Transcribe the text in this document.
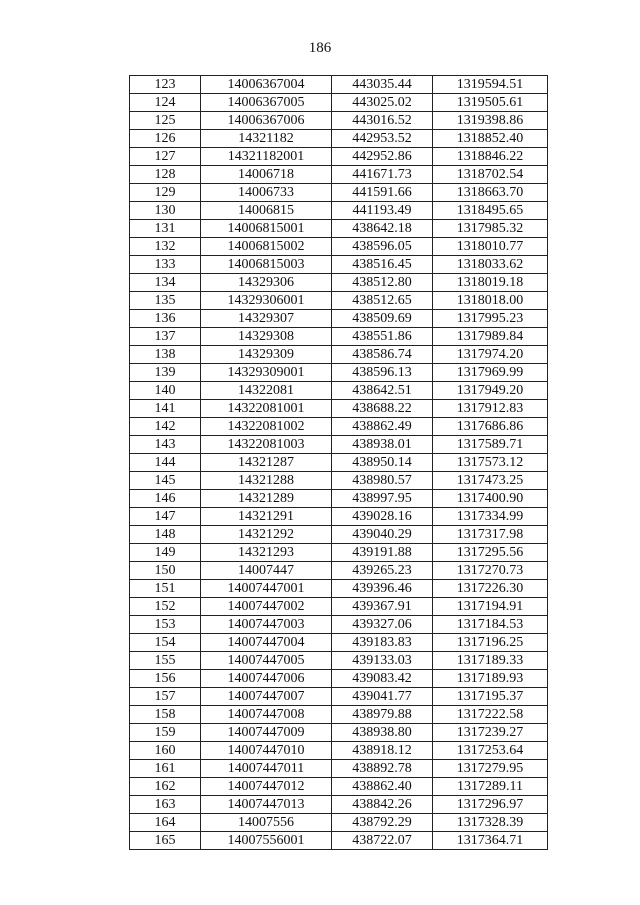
186
123	14006367004	443035.44	1319594.51
124	14006367005	443025.02	1319505.61
125	14006367006	443016.52	1319398.86
126	14321182	442953.52	1318852.40
127	14321182001	442952.86	1318846.22
128	14006718	441671.73	1318702.54
129	14006733	441591.66	1318663.70
130	14006815	441193.49	1318495.65
131	14006815001	438642.18	1317985.32
132	14006815002	438596.05	1318010.77
133	14006815003	438516.45	1318033.62
134	14329306	438512.80	1318019.18
135	14329306001	438512.65	1318018.00
136	14329307	438509.69	1317995.23
137	14329308	438551.86	1317989.84
138	14329309	438586.74	1317974.20
139	14329309001	438596.13	1317969.99
140	14322081	438642.51	1317949.20
141	14322081001	438688.22	1317912.83
142	14322081002	438862.49	1317686.86
143	14322081003	438938.01	1317589.71
144	14321287	438950.14	1317573.12
145	14321288	438980.57	1317473.25
146	14321289	438997.95	1317400.90
147	14321291	439028.16	1317334.99
148	14321292	439040.29	1317317.98
149	14321293	439191.88	1317295.56
150	14007447	439265.23	1317270.73
151	14007447001	439396.46	1317226.30
152	14007447002	439367.91	1317194.91
153	14007447003	439327.06	1317184.53
154	14007447004	439183.83	1317196.25
155	14007447005	439133.03	1317189.33
156	14007447006	439083.42	1317189.93
157	14007447007	439041.77	1317195.37
158	14007447008	438979.88	1317222.58
159	14007447009	438938.80	1317239.27
160	14007447010	438918.12	1317253.64
161	14007447011	438892.78	1317279.95
162	14007447012	438862.40	1317289.11
163	14007447013	438842.26	1317296.97
164	14007556	438792.29	1317328.39
165	14007556001	438722.07	1317364.71
